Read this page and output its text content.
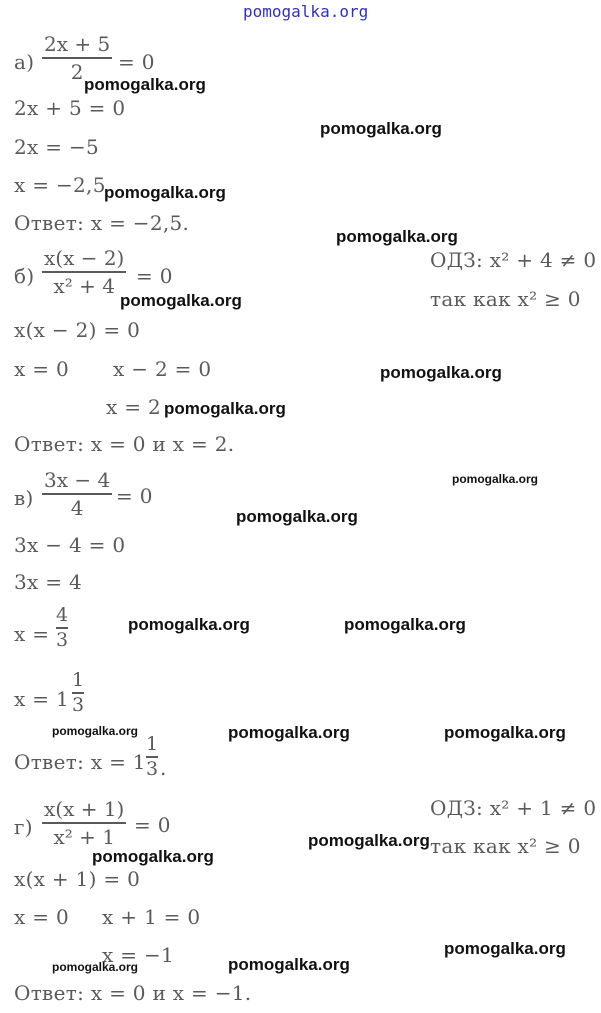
pomogalka.org
а)
2x + 5
2	= 0
2x + 5 = 0
2x = −5
x = −2,5
Ответ: x = −2,5.
б)
x(x − 2)
x² + 4	= 0
ОДЗ: x² + 4 ≠ 0
так как x² ≥ 0
x(x − 2) = 0
x = 0 x − 2 = 0
x = 2
Ответ: x = 0 и x = 2.
в)
3x − 4
4	= 0
3x − 4 = 0
3x = 4
x =
4
3
x = 1
1
3
Ответ: x = 1
1
3 .
г)
x(x + 1)
x² + 1 = 0
ОДЗ: x² + 1 ≠ 0
так как x² ≥ 0
x(x + 1) = 0
x = 0 x + 1 = 0
x = −1
Ответ: x = 0 и x = −1.
pomogalka.org
pomogalka.org
pomogalka.org
pomogalka.org
pomogalka.org
pomogalka.org
pomogalka.org
pomogalka.org
pomogalka.org
pomogalka.org	pomogalka.org
pomogalka.org	pomogalka.org	pomogalka.org
pomogalka.org
pomogalka.org
pomogalka.org
pomogalka.org	pomogalka.org
